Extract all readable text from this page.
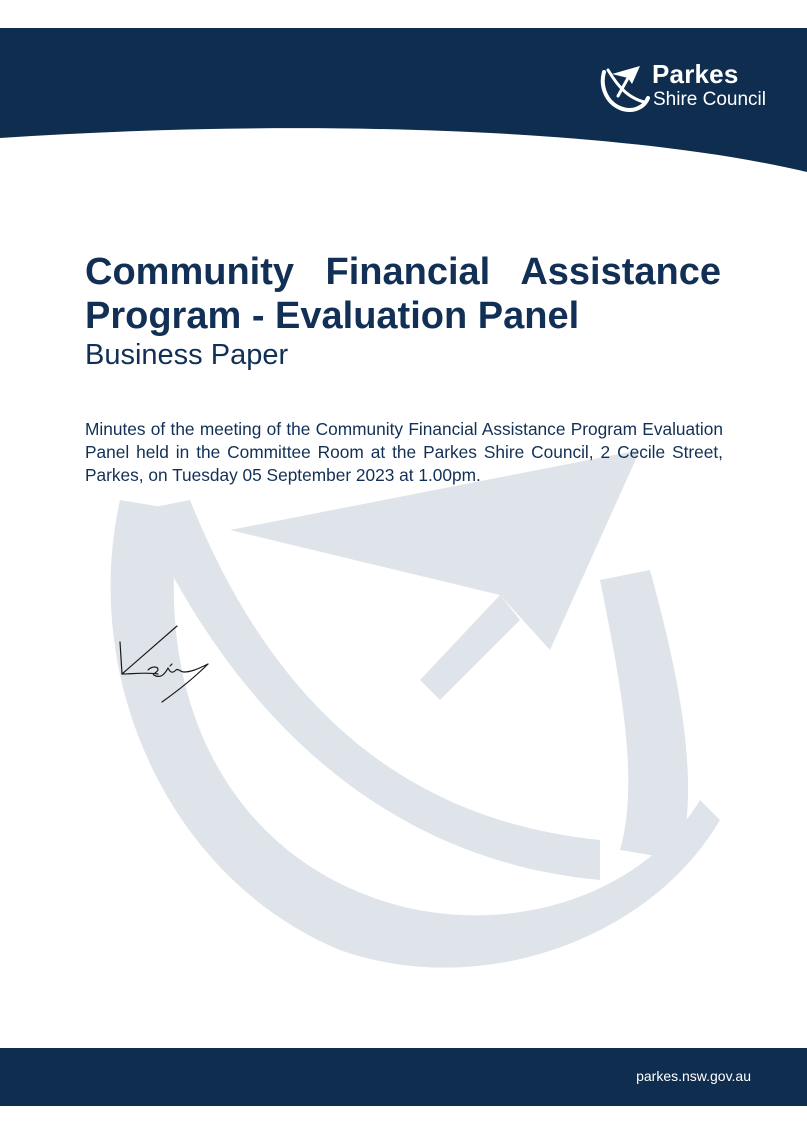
Parkes
Shire Council
Community Financial Assistance Program - Evaluation Panel

Business Paper

Minutes of the meeting of the Community Financial Assistance Program Evaluation Panel held in the Committee Room at the Parkes Shire Council, 2 Cecile Street, Parkes, on Tuesday 05 September 2023 at 1.00pm.

parkes.nsw.gov.au
